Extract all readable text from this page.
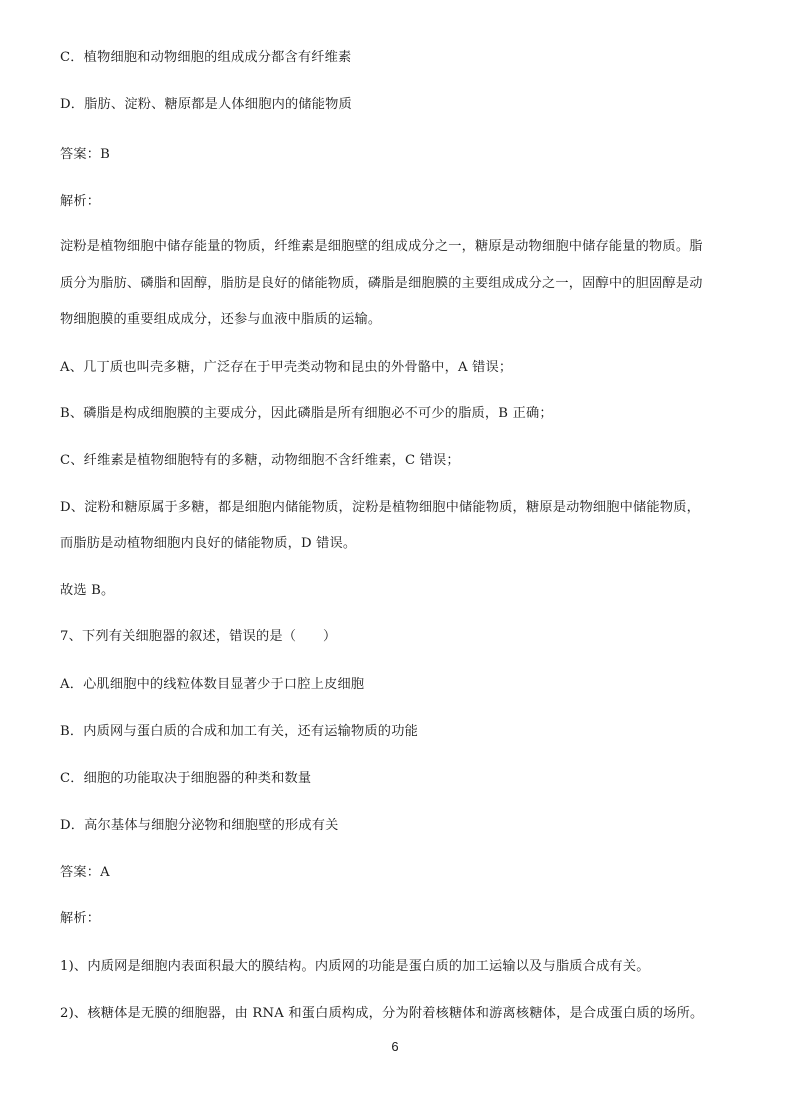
C．植物细胞和动物细胞的组成成分都含有纤维素
D．脂肪、淀粉、糖原都是人体细胞内的储能物质
答案：B
解析：
淀粉是植物细胞中储存能量的物质，纤维素是细胞壁的组成成分之一，糖原是动物细胞中储存能量的物质。脂
质分为脂肪、磷脂和固醇，脂肪是良好的储能物质，磷脂是细胞膜的主要组成成分之一，固醇中的胆固醇是动
物细胞膜的重要组成成分，还参与血液中脂质的运输。
A、几丁质也叫壳多糖，广泛存在于甲壳类动物和昆虫的外骨骼中，A 错误；
B、磷脂是构成细胞膜的主要成分，因此磷脂是所有细胞必不可少的脂质，B 正确；
C、纤维素是植物细胞特有的多糖，动物细胞不含纤维素，C 错误；
D、淀粉和糖原属于多糖，都是细胞内储能物质，淀粉是植物细胞中储能物质，糖原是动物细胞中储能物质，
而脂肪是动植物细胞内良好的储能物质，D 错误。
故选 B。
7、下列有关细胞器的叙述，错误的是（　　）
A．心肌细胞中的线粒体数目显著少于口腔上皮细胞
B．内质网与蛋白质的合成和加工有关，还有运输物质的功能
C．细胞的功能取决于细胞器的种类和数量
D．高尔基体与细胞分泌物和细胞壁的形成有关
答案：A
解析：
1)、内质网是细胞内表面积最大的膜结构。内质网的功能是蛋白质的加工运输以及与脂质合成有关。
2)、核糖体是无膜的细胞器，由 RNA 和蛋白质构成，分为附着核糖体和游离核糖体，是合成蛋白质的场所。
6
